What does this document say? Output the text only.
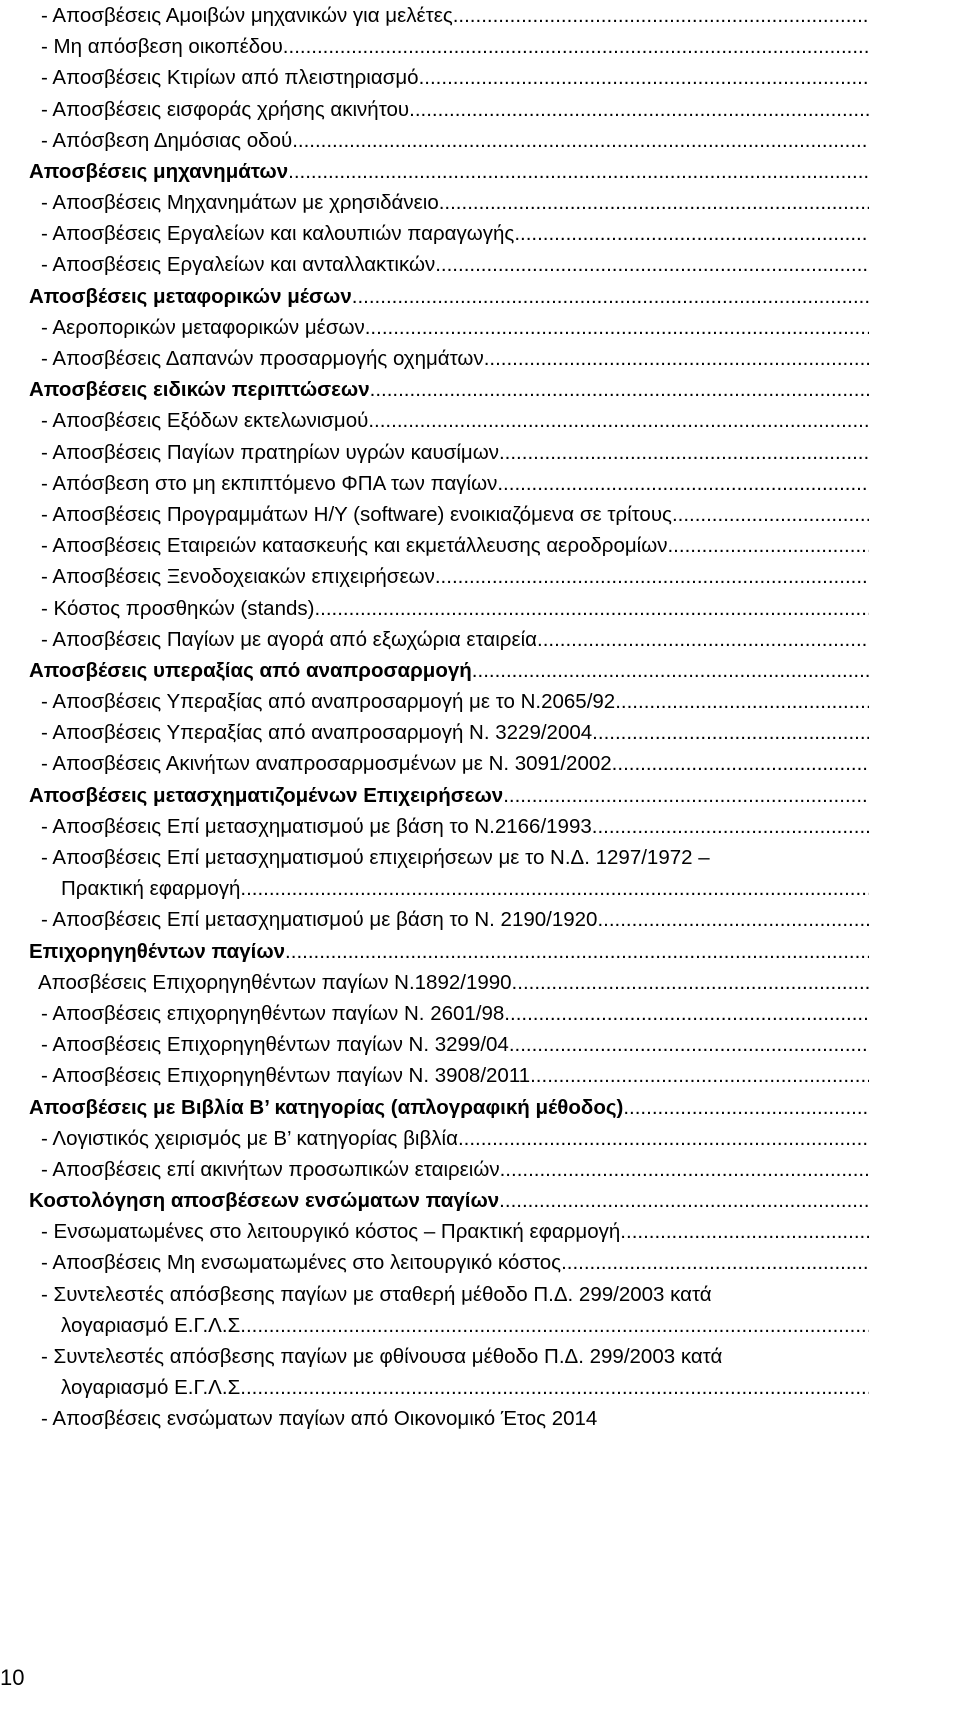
- Αποσβέσεις Αμοιβών μηχανικών για μελέτες
.....
- Μη απόσβεση οικοπέδου
.....
- Αποσβέσεις Κτιρίων από πλειστηριασμό
.....
- Αποσβέσεις εισφοράς χρήσης ακινήτου
.....
- Απόσβεση Δημόσιας οδού
.....
Αποσβέσεις μηχανημάτων
.....
- Αποσβέσεις Μηχανημάτων με χρησιδάνειο
.....
- Αποσβέσεις Εργαλείων και καλουπιών παραγωγής
.....
- Αποσβέσεις Εργαλείων και ανταλλακτικών
.....
Αποσβέσεις μεταφορικών μέσων
.....
- Αεροπορικών μεταφορικών μέσων
.....
- Αποσβέσεις Δαπανών προσαρμογής οχημάτων
.....
Αποσβέσεις ειδικών περιπτώσεων
.....
- Αποσβέσεις Εξόδων εκτελωνισμού
.....
- Αποσβέσεις Παγίων πρατηρίων υγρών καυσίμων
.....
- Απόσβεση στο μη εκπιπτόμενο ΦΠΑ των παγίων
.....
- Αποσβέσεις Προγραμμάτων Η/Υ (software) ενοικιαζόμενα σε τρίτους
.....
- Αποσβέσεις Εταιρειών κατασκευής και εκμετάλλευσης αεροδρομίων
.....
- Αποσβέσεις Ξενοδοχειακών επιχειρήσεων
.....
- Κόστος προσθηκών (stands)
.....
- Αποσβέσεις Παγίων με αγορά από εξωχώρια εταιρεία
.....
Αποσβέσεις υπεραξίας από αναπροσαρμογή
.....
- Αποσβέσεις Υπεραξίας από αναπροσαρμογή με το Ν.2065/92
.....
- Αποσβέσεις Υπεραξίας από αναπροσαρμογή Ν. 3229/2004
.....
- Αποσβέσεις Ακινήτων αναπροσαρμοσμένων με Ν. 3091/2002
.....
Αποσβέσεις μετασχηματιζομένων Επιχειρήσεων
.....
- Αποσβέσεις Επί μετασχηματισμού με βάση το Ν.2166/1993
.....
- Αποσβέσεις Επί μετασχηματισμού επιχειρήσεων με το Ν.Δ. 1297/1972 –
Πρακτική εφαρμογή
.....
- Αποσβέσεις Επί μετασχηματισμού με βάση το Ν. 2190/1920
.....
Επιχορηγηθέντων παγίων
.....
Αποσβέσεις Επιχορηγηθέντων παγίων Ν.1892/1990
.....
- Αποσβέσεις επιχορηγηθέντων παγίων Ν. 2601/98
.....
- Αποσβέσεις Επιχορηγηθέντων παγίων Ν. 3299/04
.....
- Αποσβέσεις Επιχορηγηθέντων παγίων Ν. 3908/2011
.....
Αποσβέσεις με Βιβλία Β’ κατηγορίας (απλογραφική μέθοδος)
.....
- Λογιστικός χειρισμός με Β’ κατηγορίας βιβλία
.....
- Αποσβέσεις επί ακινήτων προσωπικών εταιρειών
.....
Κοστολόγηση αποσβέσεων ενσώματων παγίων
.....
- Ενσωματωμένες στο λειτουργικό κόστος – Πρακτική εφαρμογή
.....
- Αποσβέσεις Μη ενσωματωμένες στο λειτουργικό κόστος
.....
- Συντελεστές απόσβεσης παγίων με σταθερή μέθοδο Π.Δ. 299/2003 κατά
λογαριασμό Ε.Γ.Λ.Σ.
.....
- Συντελεστές απόσβεσης παγίων με φθίνουσα μέθοδο Π.Δ. 299/2003 κατά
λογαριασμό Ε.Γ.Λ.Σ.
.....
- Αποσβέσεις ενσώματων παγίων από Οικονομικό Έτος 2014
10
